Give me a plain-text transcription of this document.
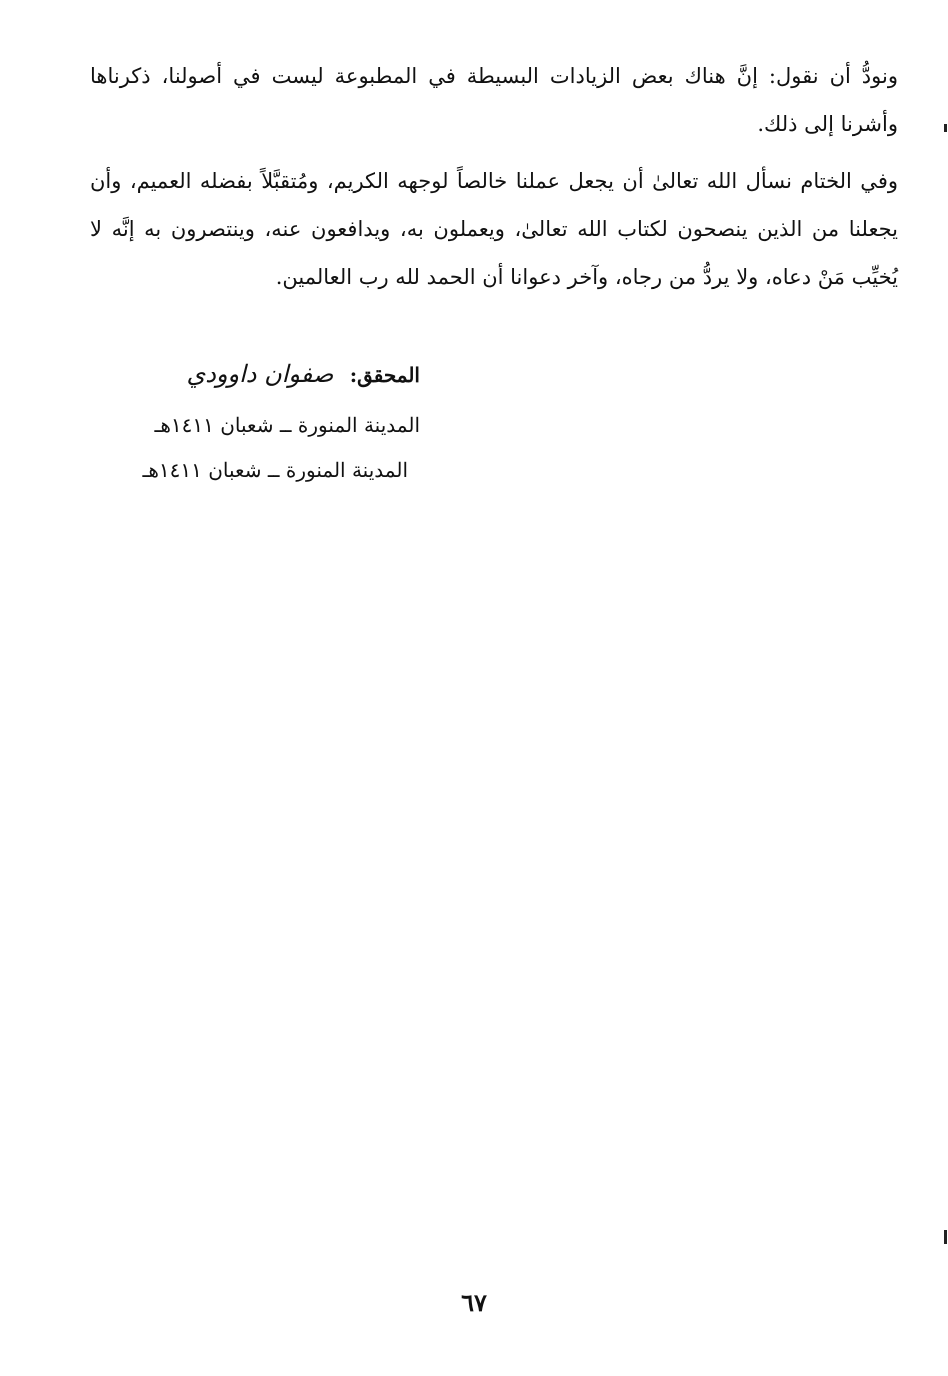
ونودُّ أن نقول: إنَّ هناك بعض الزيادات البسيطة في المطبوعة ليست في أصولنا، ذكرناها وأشرنا إلى ذلك.

وفي الختام نسأل الله تعالىٰ أن يجعل عملنا خالصاً لوجهه الكريم، ومُتقبَّلاً بفضله العميم، وأن يجعلنا من الذين ينصحون لكتاب الله تعالىٰ، ويعملون به، ويدافعون عنه، وينتصرون به إنَّه لا يُخيِّب مَنْ دعاه، ولا يردُّ من رجاه، وآخر دعوانا أن الحمد لله رب العالمين.

المحقق: صفوان داوودي
المدينة المنورة ــ شعبان ١٤١١هـ
المدينة المنورة ــ شعبان ١٤١١هـ
٦٧
